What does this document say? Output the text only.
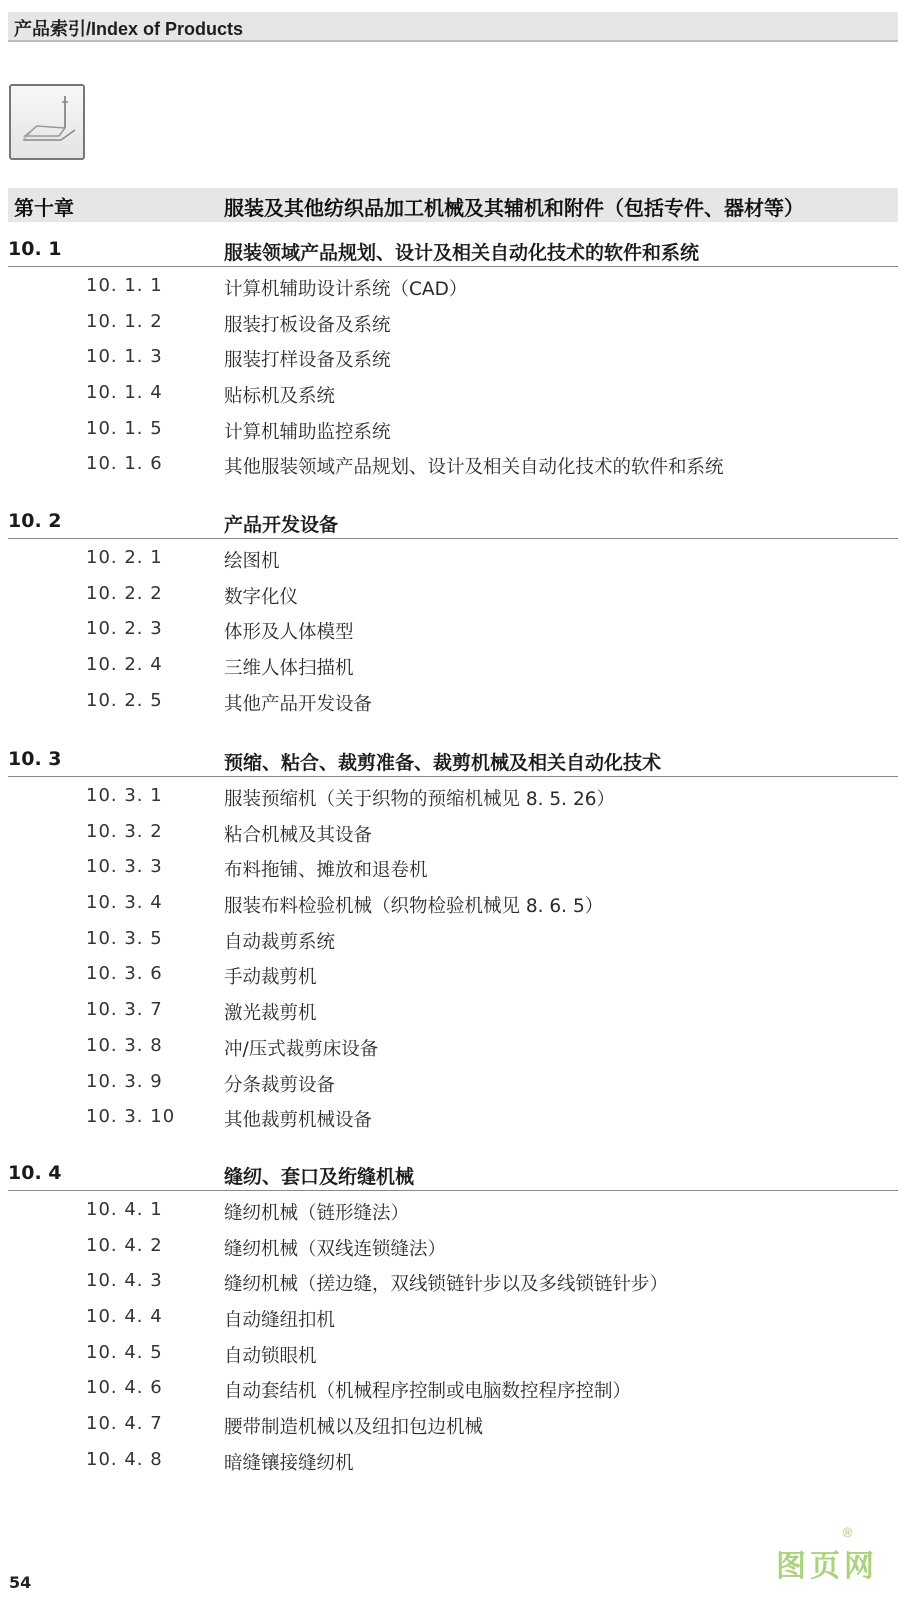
产品索引/Index of Products
第十章	服装及其他纺织品加工机械及其辅机和附件（包括专件、器材等）
10. 1	服装领域产品规划、设计及相关自动化技术的软件和系统
10. 1. 1	计算机辅助设计系统（CAD）
10. 1. 2	服装打板设备及系统
10. 1. 3	服装打样设备及系统
10. 1. 4	贴标机及系统
10. 1. 5	计算机辅助监控系统
10. 1. 6	其他服装领域产品规划、设计及相关自动化技术的软件和系统
10. 2	产品开发设备
10. 2. 1	绘图机
10. 2. 2	数字化仪
10. 2. 3	体形及人体模型
10. 2. 4	三维人体扫描机
10. 2. 5	其他产品开发设备
10. 3	预缩、粘合、裁剪准备、裁剪机械及相关自动化技术
10. 3. 1	服装预缩机（关于织物的预缩机械见 8. 5. 26）
10. 3. 2	粘合机械及其设备
10. 3. 3	布料拖铺、摊放和退卷机
10. 3. 4	服装布料检验机械（织物检验机械见 8. 6. 5）
10. 3. 5	自动裁剪系统
10. 3. 6	手动裁剪机
10. 3. 7	激光裁剪机
10. 3. 8	冲/压式裁剪床设备
10. 3. 9	分条裁剪设备
10. 3. 10	其他裁剪机械设备
10. 4	缝纫、套口及绗缝机械
10. 4. 1	缝纫机械（链形缝法）
10. 4. 2	缝纫机械（双线连锁缝法）
10. 4. 3	缝纫机械（搓边缝，双线锁链针步以及多线锁链针步）
10. 4. 4	自动缝纽扣机
10. 4. 5	自动锁眼机
10. 4. 6	自动套结机（机械程序控制或电脑数控程序控制）
10. 4. 7	腰带制造机械以及纽扣包边机械
10. 4. 8	暗缝镶接缝纫机
54	图页网
®
